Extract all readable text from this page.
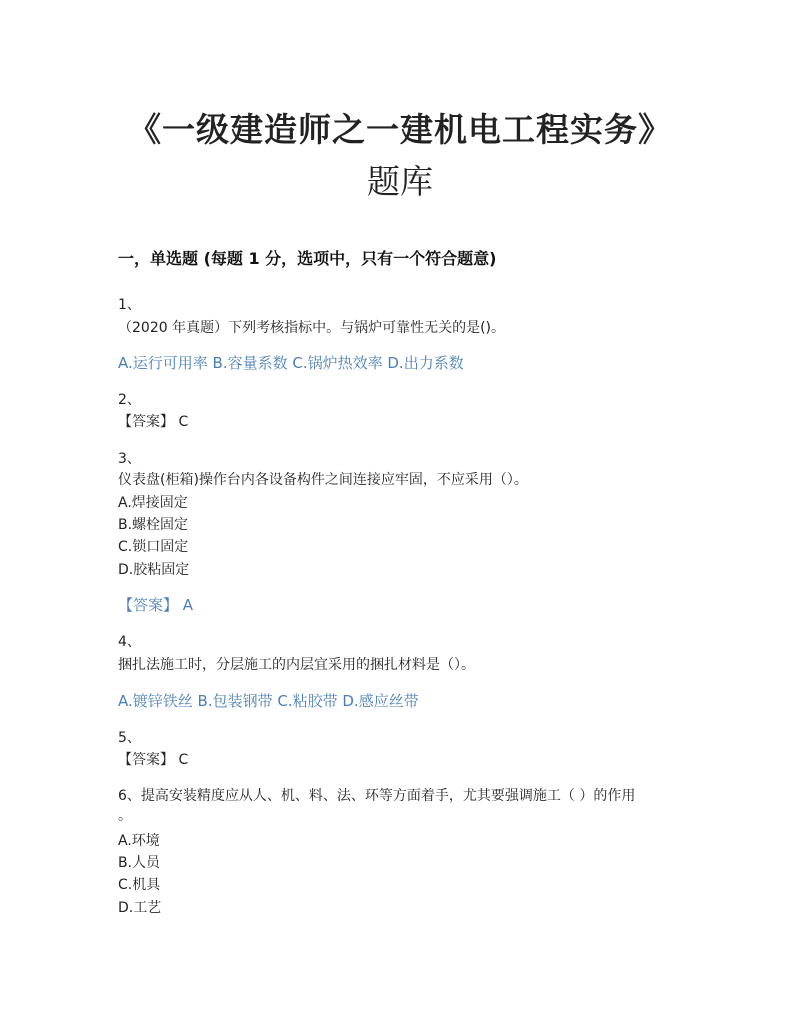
《一级建造师之一建机电工程实务》
题库
一，单选题 (每题 1 分，选项中，只有一个符合题意)
1、
（2020 年真题）下列考核指标中。与锅炉可靠性无关的是()。
A.运行可用率 B.容量系数 C.锅炉热效率 D.出力系数
2、
【答案】 C
3、
仪表盘(柜箱)操作台内各设备构件之间连接应牢固，不应采用（）。
A.焊接固定
B.螺栓固定
C.锁口固定
D.胶粘固定
【答案】 A
4、
捆扎法施工时，分层施工的内层宜采用的捆扎材料是（）。
A.镀锌铁丝 B.包装钢带 C.粘胶带 D.感应丝带
5、
【答案】 C
6、提高安装精度应从人、机、料、法、环等方面着手，尤其要强调施工（ ）的作用
。
A.环境
B.人员
C.机具
D.工艺
